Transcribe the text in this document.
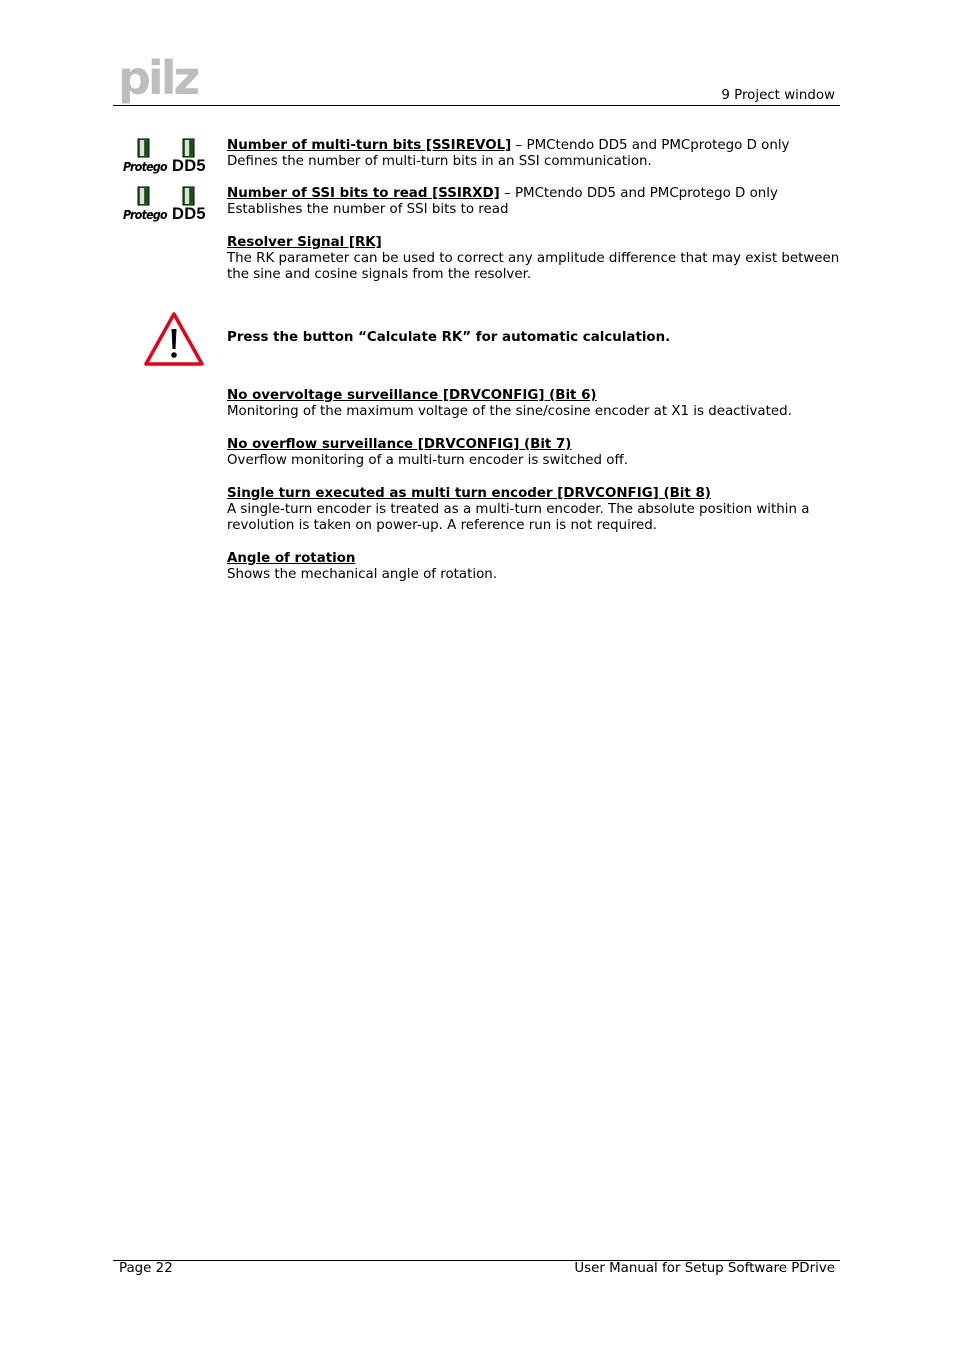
pilz	9 Project window
Protego DD5
Protego DD5
Number of multi-turn bits [SSIREVOL] – PMCtendo DD5 and PMCprotego D only
Defines the number of multi-turn bits in an SSI communication.
Number of SSI bits to read [SSIRXD] – PMCtendo DD5 and PMCprotego D only
Establishes the number of SSI bits to read
Resolver Signal [RK]
The RK parameter can be used to correct any amplitude difference that may exist between the sine and cosine signals from the resolver.
Press the button “Calculate RK” for automatic calculation.
No overvoltage surveillance [DRVCONFIG] (Bit 6)
Monitoring of the maximum voltage of the sine/cosine encoder at X1 is deactivated.
No overflow surveillance [DRVCONFIG] (Bit 7)
Overflow monitoring of a multi-turn encoder is switched off.
Single turn executed as multi turn encoder [DRVCONFIG] (Bit 8)
A single-turn encoder is treated as a multi-turn encoder. The absolute position within a revolution is taken on power-up. A reference run is not required.
Angle of rotation
Shows the mechanical angle of rotation.
Page 22	User Manual for Setup Software PDrive
